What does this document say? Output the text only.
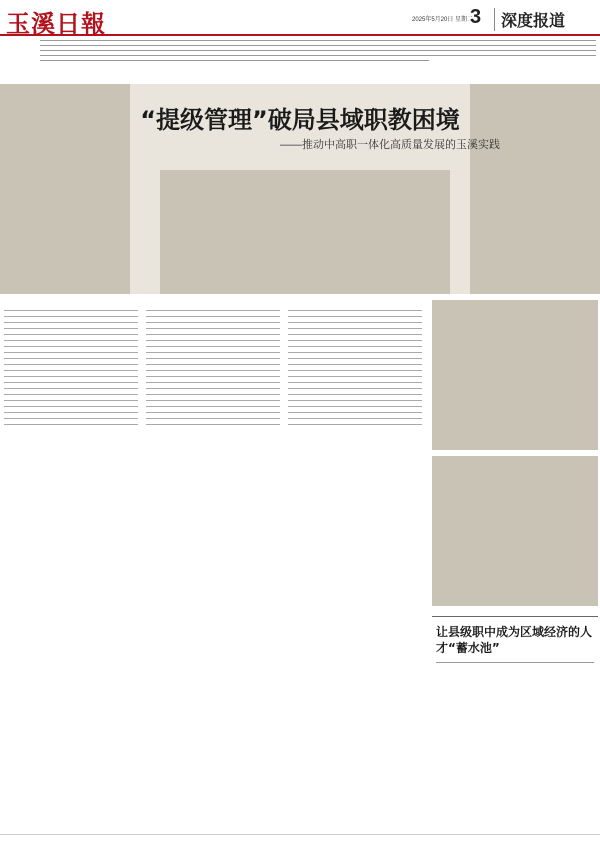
玉溪日報	2025年5月20日 星期二
3	深度报道
“提级管理”破局县域职教困境
——推动中高职一体化高质量发展的玉溪实践
让县级职中成为区域经济的人才“蓄水池”
